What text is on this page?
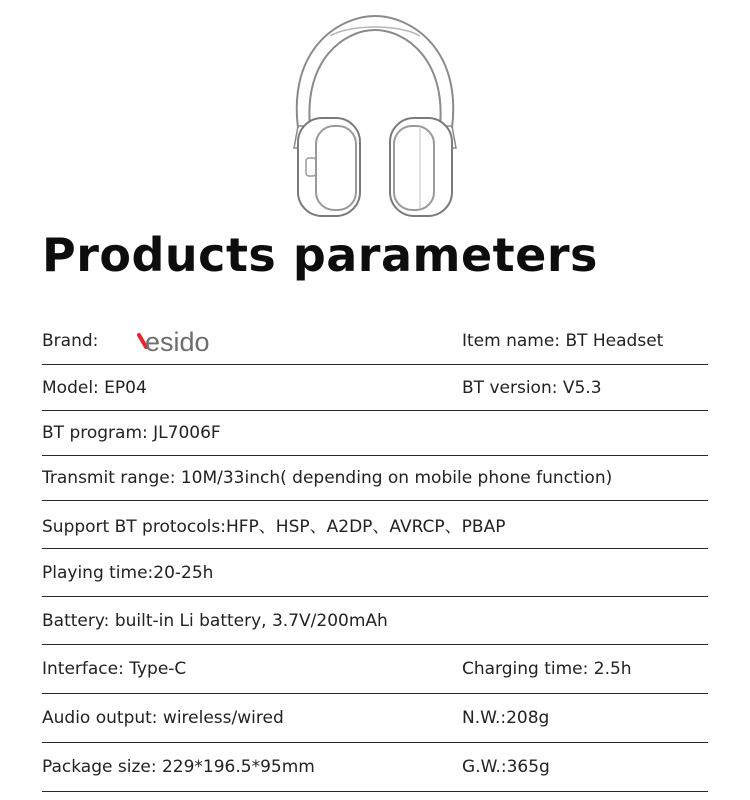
Products parameters
Brand: esido	Item name: BT Headset
Model: EP04	BT version: V5.3
BT program: JL7006F
Transmit range: 10M/33inch( depending on mobile phone function)
Support BT protocols:HFP、HSP、A2DP、AVRCP、PBAP
Playing time:20-25h
Battery: built-in Li battery, 3.7V/200mAh
Interface: Type-C	Charging time: 2.5h
Audio output: wireless/wired	N.W.:208g
Package size: 229*196.5*95mm	G.W.:365g
